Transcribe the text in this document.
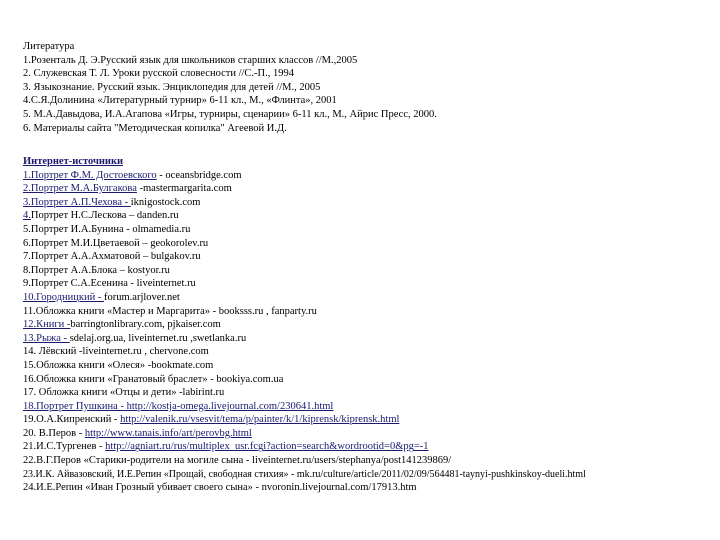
Литература
1.Розенталь Д. Э.Русский язык для школьников старших классов //М.,2005
2. Служевская Т. Л. Уроки русской словесности //С.-П., 1994
3. Языкознание. Русский язык. Энциклопедия для детей //М., 2005
4.С.Я.Долинина «Литературный турнир» 6-11 кл., М., «Флинта», 2001
5. М.А.Давыдова, И.А.Агапова «Игры, турниры, сценарии» 6-11 кл., М., Айрис Пресс, 2000.
6. Материалы сайта "Методическая копилка" Агеевой И.Д.
Интернет-источники
1.Портрет Ф.М. Достоевского - oceansbridge.com
2.Портрет М.А.Булгакова -mastermargarita.com
3.Портрет А.П.Чехова - iknigostock.com
4.Портрет Н.С.Лескова – danden.ru
5.Портрет И.А.Бунина - olmamedia.ru
6.Портрет М.И.Цветаевой – geokorolev.ru
7.Портрет А.А.Ахматовой – bulgakov.ru
8.Портрет А.А.Блока – kostyor.ru
9.Портрет С.А.Есенина - liveinternet.ru
10.Городницкий - forum.arjlover.net
11.Обложка книги «Мастер и Маргарита» - booksss.ru , fanparty.ru
12.Книги -barringtonlibrary.com, pjkaiser.com
13.Рыжа - sdelaj.org.ua, liveinternet.ru ,swetlanka.ru
14. Лёвский -liveinternet.ru , chervone.com
15.Обложка книги «Олеся» -bookmate.com
16.Обложка книги «Гранатовый браслет» - bookiya.com.ua
17. Обложка книги «Отцы и дети» -labirint.ru
18.Портрет Пушкина - http://kostja-omega.livejournal.com/230641.html
19.О.А.Кипренский - http://valenik.ru/vsesvit/tema/p/painter/k/1/kiprensk/kiprensk.html
20. В.Перов - http://www.tanais.info/art/perovbg.html
21.И.С.Тургенев - http://agniart.ru/rus/multiplex_usr.fcgi?action=search&wordrootid=0&pg=-1
22.В.Г.Перов «Старики-родители на могиле сына - liveinternet.ru/users/stephanya/post141239869/
23.И.К. Айвазовский, И.Е.Репин «Прощай, свободная стихия» - mk.ru/culture/article/2011/02/09/564481-taynyi-pushkinskoy-dueli.html
24.И.Е.Репин «Иван Грозный убивает своего сына» - nvoronin.livejournal.com/17913.htm
